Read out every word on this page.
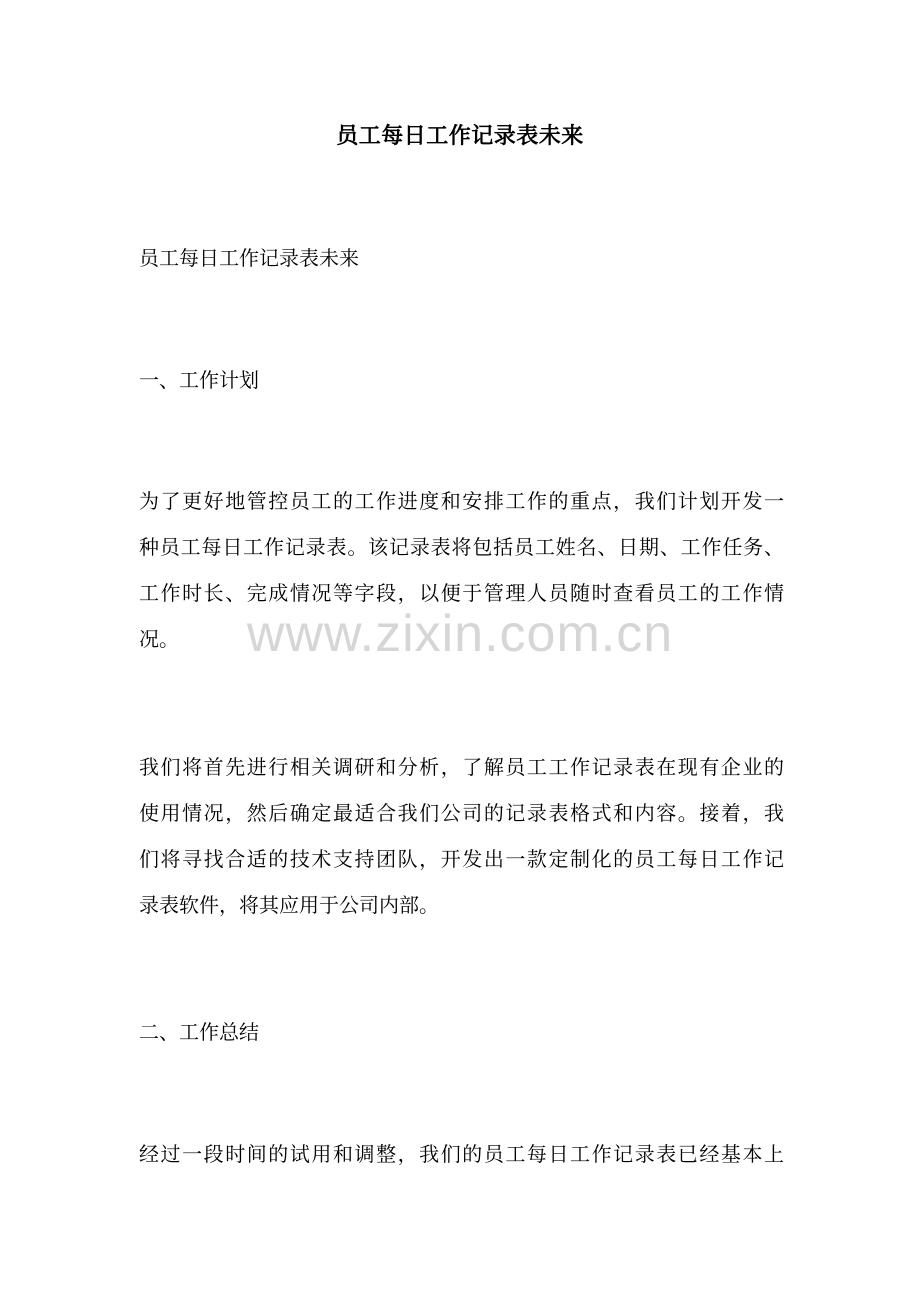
员工每日工作记录表未来
员工每日工作记录表未来
一、工作计划
为了更好地管控员工的工作进度和安排工作的重点，我们计划开发一
种员工每日工作记录表。该记录表将包括员工姓名、日期、工作任务、
工作时长、完成情况等字段，以便于管理人员随时查看员工的工作情
况。
我们将首先进行相关调研和分析，了解员工工作记录表在现有企业的
使用情况，然后确定最适合我们公司的记录表格式和内容。接着，我
们将寻找合适的技术支持团队，开发出一款定制化的员工每日工作记
录表软件，将其应用于公司内部。
二、工作总结
经过一段时间的试用和调整，我们的员工每日工作记录表已经基本上
www.zixin.com.cn
